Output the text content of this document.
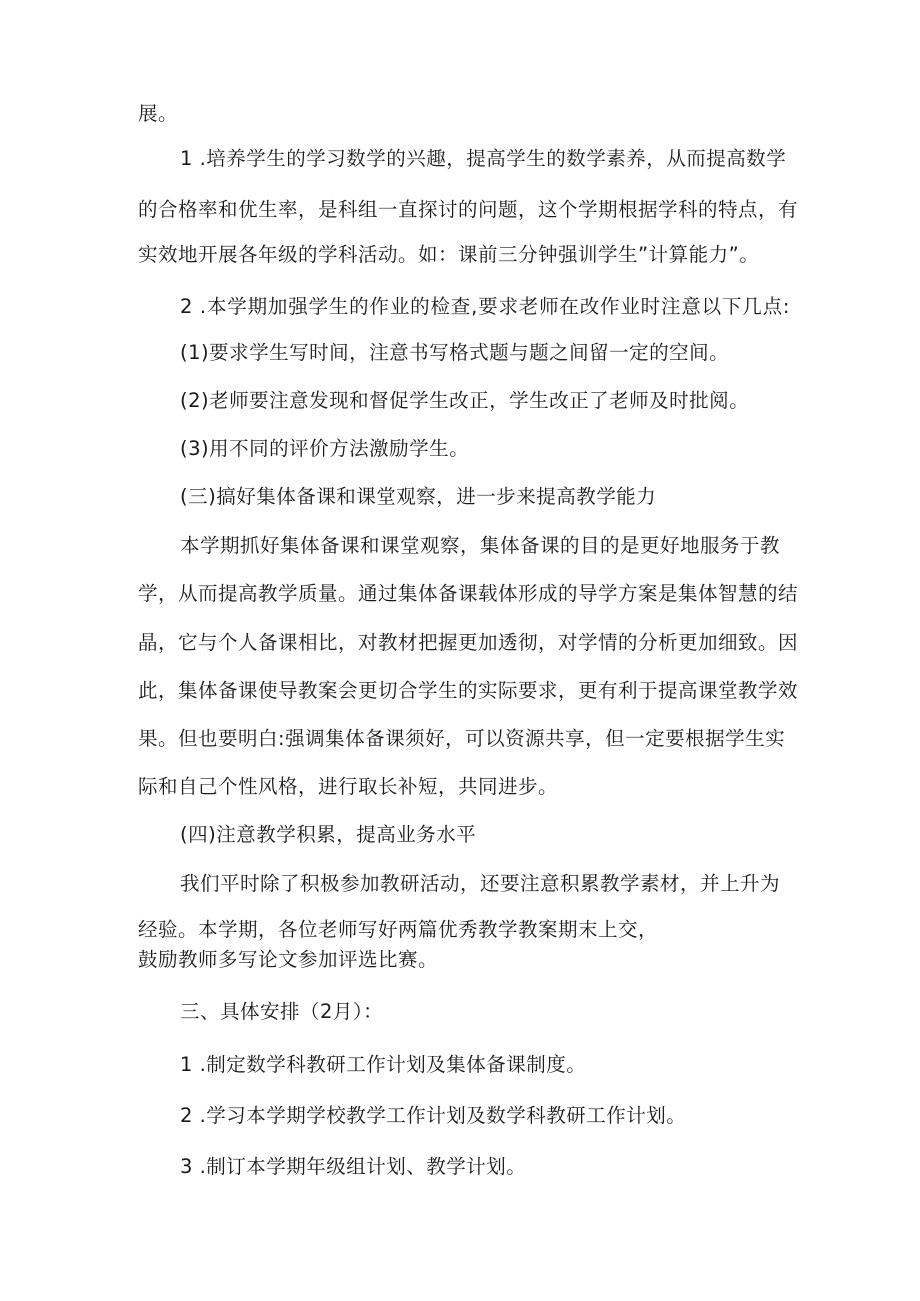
展。
1 .培养学生的学习数学的兴趣，提高学生的数学素养，从而提高数学
的合格率和优生率，是科组一直探讨的问题，这个学期根据学科的特点，有
实效地开展各年级的学科活动。如：课前三分钟强训学生”计算能力”。
2 .本学期加强学生的作业的检查,要求老师在改作业时注意以下几点:
(1)要求学生写时间，注意书写格式题与题之间留一定的空间。
(2)老师要注意发现和督促学生改正，学生改正了老师及时批阅。
(3)用不同的评价方法激励学生。
(三)搞好集体备课和课堂观察，进一步来提高教学能力
本学期抓好集体备课和课堂观察，集体备课的目的是更好地服务于教
学，从而提高教学质量。通过集体备课载体形成的导学方案是集体智慧的结
晶，它与个人备课相比，对教材把握更加透彻，对学情的分析更加细致。因
此，集体备课使导教案会更切合学生的实际要求，更有利于提高课堂教学效
果。但也要明白:强调集体备课须好，可以资源共享，但一定要根据学生实
际和自己个性风格，进行取长补短，共同进步。
(四)注意教学积累，提高业务水平
我们平时除了积极参加教研活动，还要注意积累教学素材，并上升为
经验。本学期，各位老师写好两篇优秀教学教案期末上交，
鼓励教师多写论文参加评选比赛。
三、具体安排（2月）：
1 .制定数学科教研工作计划及集体备课制度。
2 .学习本学期学校教学工作计划及数学科教研工作计划。
3 .制订本学期年级组计划、教学计划。
